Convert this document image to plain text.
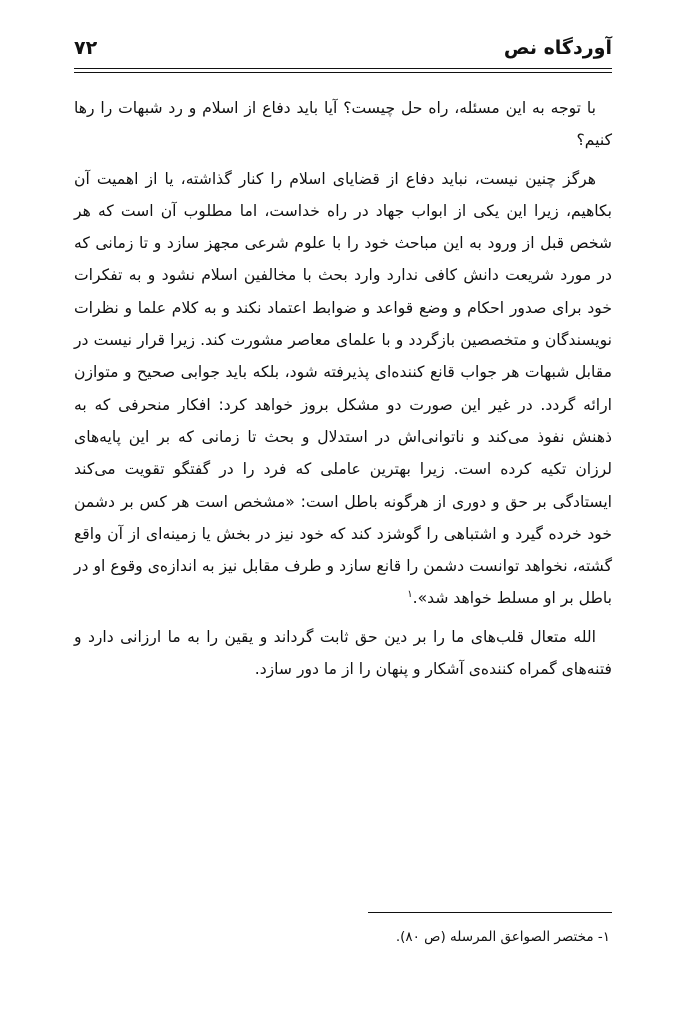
آوردگاه نص
۷۲

با توجه به این مسئله، راه حل چیست؟ آیا باید دفاع از اسلام و رد شبهات را رها کنیم؟

هرگز چنین نیست، نباید دفاع از قضایای اسلام را کنار گذاشته، یا از اهمیت آن بکاهیم، زیرا این یکی از ابواب جهاد در راه خداست، اما مطلوب آن است که هر شخص قبل از ورود به این مباحث خود را با علوم شرعی مجهز سازد و تا زمانی که در مورد شریعت دانش کافی ندارد وارد بحث با مخالفین اسلام نشود و به تفکرات خود برای صدور احکام و وضع قواعد و ضوابط اعتماد نکند و به کلام علما و نظرات نویسندگان و متخصصین بازگردد و با علمای معاصر مشورت کند. زیرا قرار نیست در مقابل شبهات هر جواب قانع کننده‌ای پذیرفته شود، بلکه باید جوابی صحیح و متوازن ارائه گردد. در غیر این صورت دو مشکل بروز خواهد کرد: افکار منحرفی که به ذهنش نفوذ می‌کند و ناتوانی‌اش در استدلال و بحث تا زمانی که بر این پایه‌های لرزان تکیه کرده است. زیرا بهترین عاملی که فرد را در گفتگو تقویت می‌کند ایستادگی بر حق و دوری از هرگونه باطل است: «مشخص است هر کس بر دشمن خود خرده گیرد و اشتباهی را گوشزد کند که خود نیز در بخش یا زمینه‌ای از آن واقع گشته، نخواهد توانست دشمن را قانع سازد و طرف مقابل نیز به اندازه‌ی وقوع او در باطل بر او مسلط خواهد شد».$^۱$

الله متعال قلب‌های ما را بر دین حق ثابت گرداند و یقین را به ما ارزانی دارد و فتنه‌های گمراه کننده‌ی آشکار و پنهان را از ما دور سازد.

۱- مختصر الصواعق المرسله (ص ۸۰).
